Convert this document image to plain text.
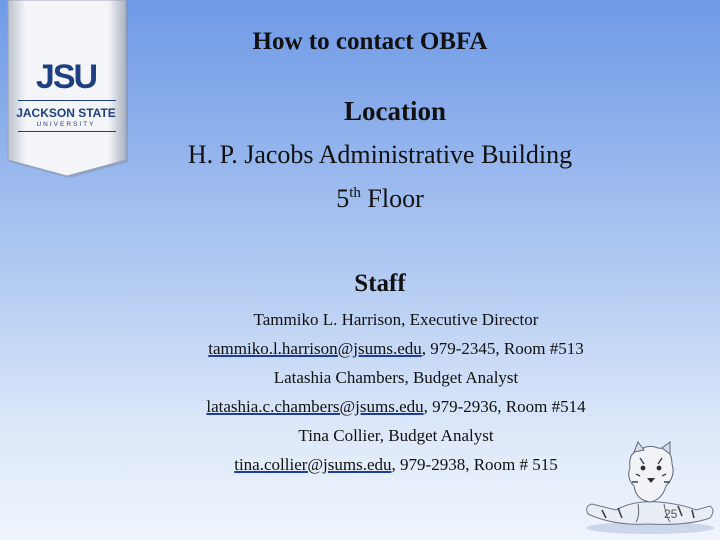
JSU
JACKSON STATE
UNIVERSITY
How to contact OBFA
Location
H. P. Jacobs Administrative Building
5th Floor
Staff
Tammiko L. Harrison, Executive Director
tammiko.l.harrison@jsums.edu, 979-2345, Room #513
Latashia Chambers, Budget Analyst
latashia.c.chambers@jsums.edu, 979-2936, Room #514
Tina Collier, Budget Analyst
tina.collier@jsums.edu, 979-2938, Room # 515
25
